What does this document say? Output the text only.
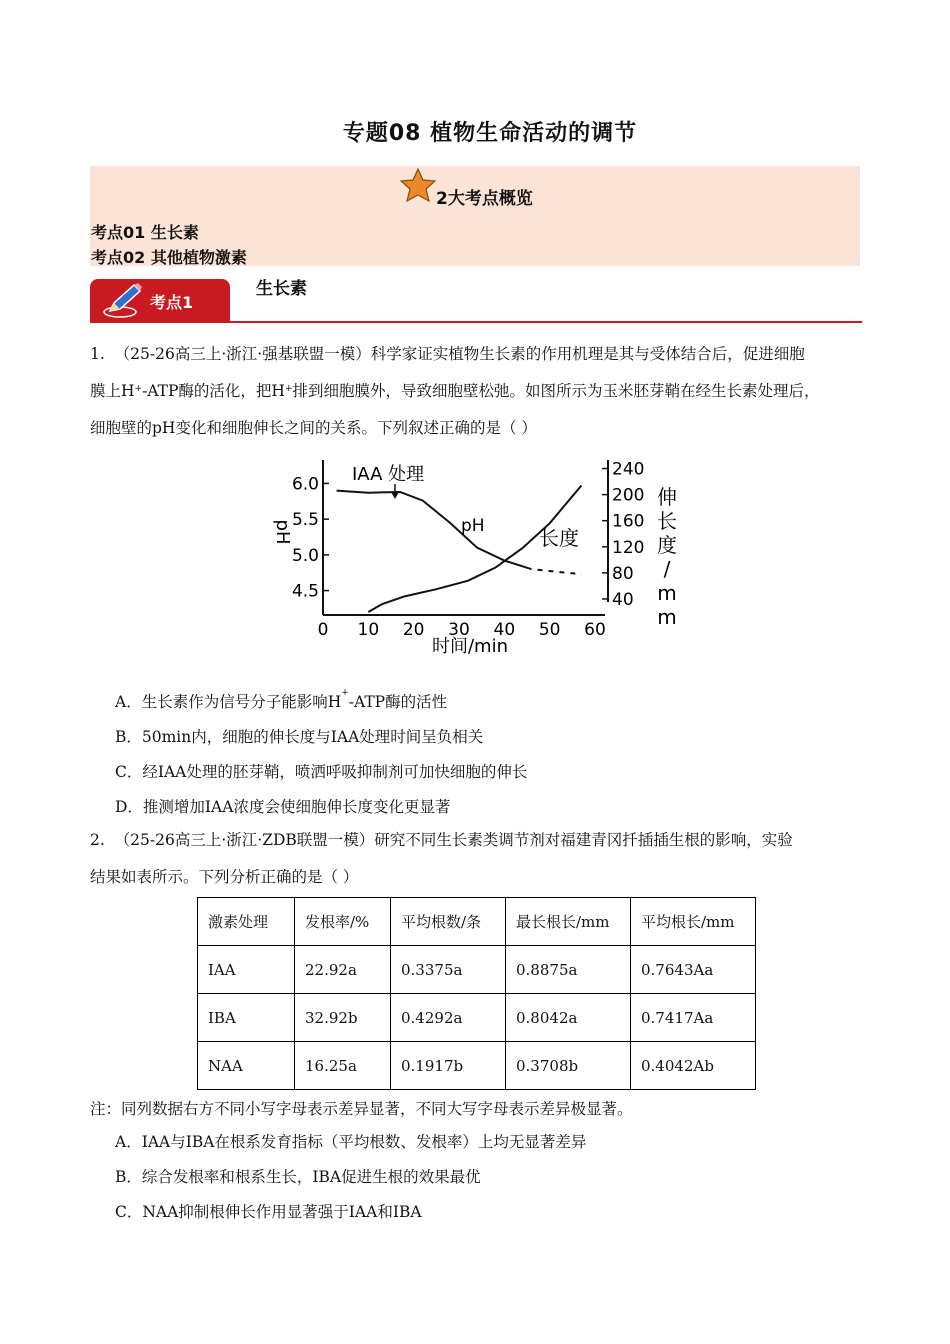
专题08 植物生命活动的调节
2大考点概览
考点01 生长素
考点02 其他植物激素
考点1
生长素
1. （25-26高三上·浙江·强基联盟一模）科学家证实植物生长素的作用机理是其与受体结合后，促进细胞
膜上H+-ATP酶的活化，把H+排到细胞膜外，导致细胞壁松弛。如图所示为玉米胚芽鞘在经生长素处理后，
细胞壁的pH变化和细胞伸长之间的关系。下列叙述正确的是（ ）
4.5
5.0
5.5
6.0
40
80
120
160
200
240
0 10 20 30 40 50 60
pH
时间/min
伸
长
度
/
m
m
pH	长度
IAA 处理
A．生长素作为信号分子能影响H+-ATP酶的活性
B．50min内，细胞的伸长度与IAA处理时间呈负相关
C．经IAA处理的胚芽鞘，喷洒呼吸抑制剂可加快细胞的伸长
D．推测增加IAA浓度会使细胞伸长度变化更显著
2. （25-26高三上·浙江·ZDB联盟一模）研究不同生长素类调节剂对福建青冈扦插插生根的影响，实验
结果如表所示。下列分析正确的是（ ）
激素处理	发根率/%	平均根数/条	最长根长/mm	平均根长/mm
IAA	22.92a	0.3375a	0.8875a	0.7643Aa
IBA	32.92b	0.4292a	0.8042a	0.7417Aa
NAA	16.25a	0.1917b	0.3708b	0.4042Ab
注：同列数据右方不同小写字母表示差异显著，不同大写字母表示差异极显著。
A．IAA与IBA在根系发育指标（平均根数、发根率）上均无显著差异
B．综合发根率和根系生长，IBA促进生根的效果最优
C．NAA抑制根伸长作用显著强于IAA和IBA
